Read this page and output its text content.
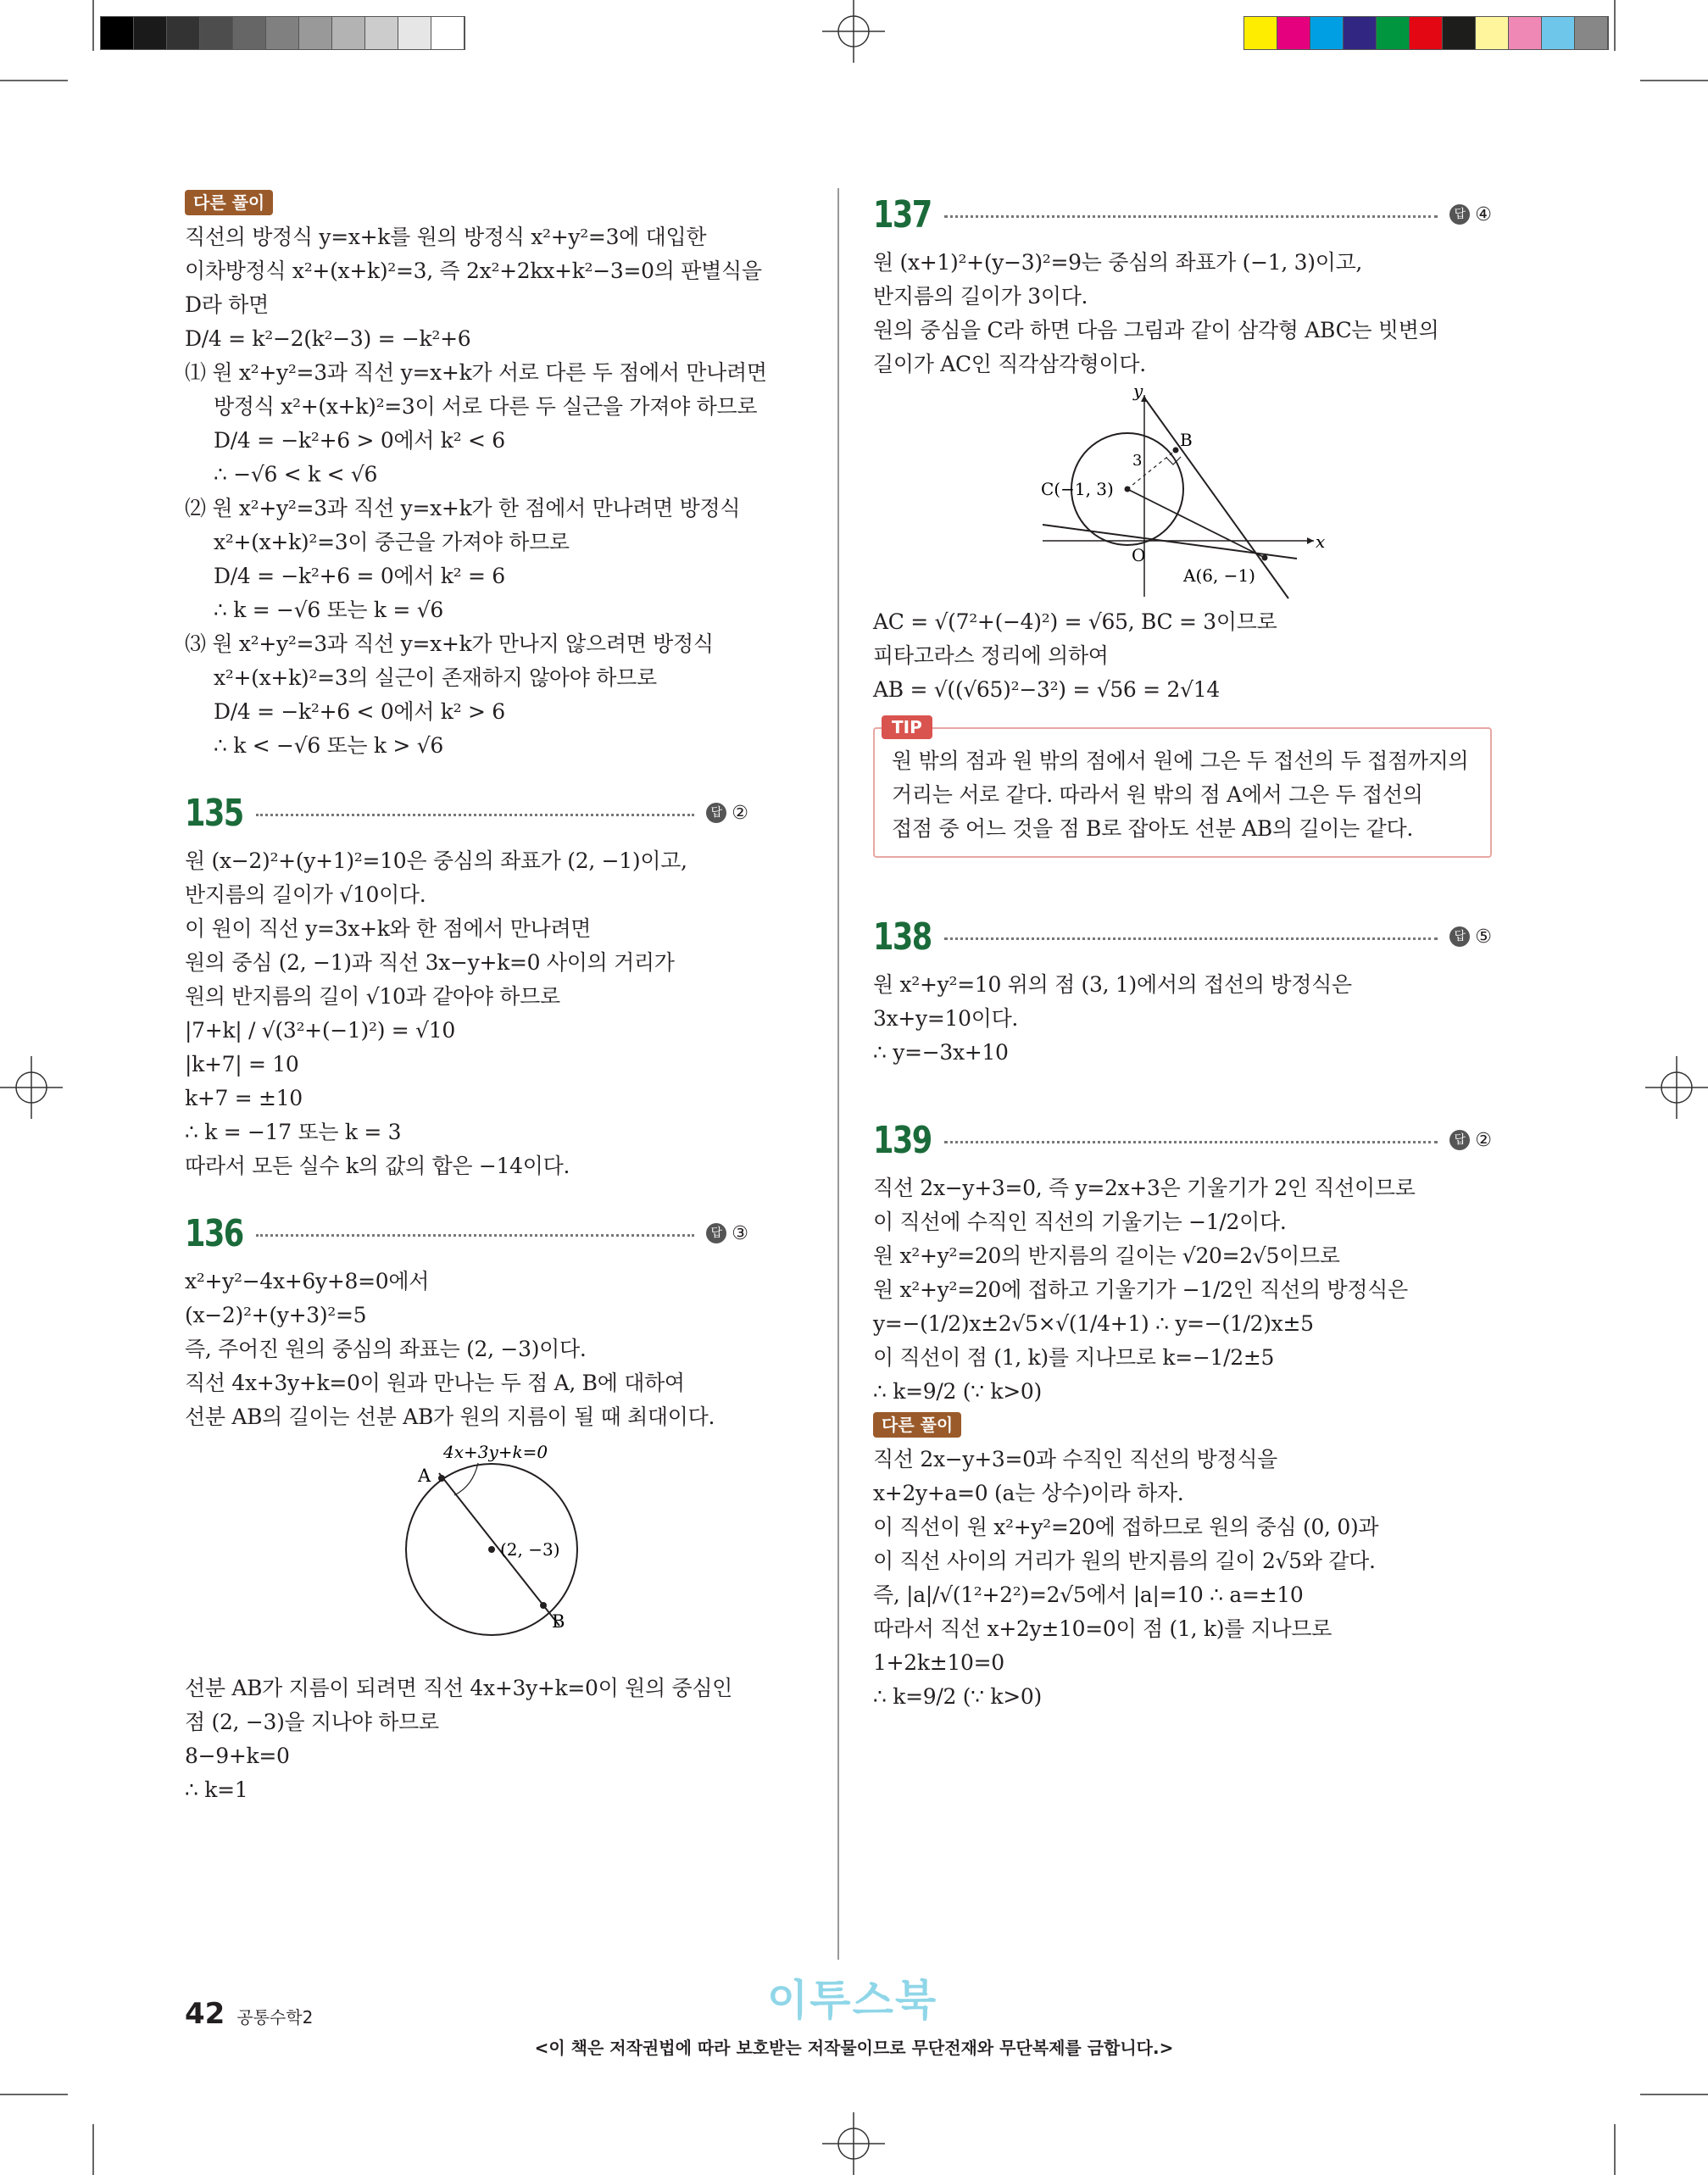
다른 풀이
직선의 방정식 y=x+k를 원의 방정식 x²+y²=3에 대입한
이차방정식 x²+(x+k)²=3, 즉 2x²+2kx+k²−3=0의 판별식을
D라 하면
D/4 = k²−2(k²−3) = −k²+6
⑴ 원 x²+y²=3과 직선 y=x+k가 서로 다른 두 점에서 만나려면
방정식 x²+(x+k)²=3이 서로 다른 두 실근을 가져야 하므로
D/4 = −k²+6 > 0에서 k² < 6
∴ −√6 < k < √6
⑵ 원 x²+y²=3과 직선 y=x+k가 한 점에서 만나려면 방정식
x²+(x+k)²=3이 중근을 가져야 하므로
D/4 = −k²+6 = 0에서 k² = 6
∴ k = −√6 또는 k = √6
⑶ 원 x²+y²=3과 직선 y=x+k가 만나지 않으려면 방정식
x²+(x+k)²=3의 실근이 존재하지 않아야 하므로
D/4 = −k²+6 < 0에서 k² > 6
∴ k < −√6 또는 k > √6
135	답 ②
원 (x−2)²+(y+1)²=10은 중심의 좌표가 (2, −1)이고,
반지름의 길이가 √10이다.
이 원이 직선 y=3x+k와 한 점에서 만나려면
원의 중심 (2, −1)과 직선 3x−y+k=0 사이의 거리가
원의 반지름의 길이 √10과 같아야 하므로
|7+k| / √(3²+(−1)²) = √10
|k+7| = 10
k+7 = ±10
∴ k = −17 또는 k = 3
따라서 모든 실수 k의 값의 합은 −14이다.
136	답 ③
x²+y²−4x+6y+8=0에서
(x−2)²+(y+3)²=5
즉, 주어진 원의 중심의 좌표는 (2, −3)이다.
직선 4x+3y+k=0이 원과 만나는 두 점 A, B에 대하여
선분 AB의 길이는 선분 AB가 원의 지름이 될 때 최대이다.
4x+3y+k=0
A
(2, −3)
B
선분 AB가 지름이 되려면 직선 4x+3y+k=0이 원의 중심인
점 (2, −3)을 지나야 하므로
8−9+k=0
∴ k=1
137	답 ④
원 (x+1)²+(y−3)²=9는 중심의 좌표가 (−1, 3)이고,
반지름의 길이가 3이다.
원의 중심을 C라 하면 다음 그림과 같이 삼각형 ABC는 빗변의
길이가 AC인 직각삼각형이다.
x
y
O
B
C(−1, 3)
A(6, −1)
3
AC = √(7²+(−4)²) = √65, BC = 3이므로
피타고라스 정리에 의하여
AB = √((√65)²−3²) = √56 = 2√14
TIP
원 밖의 점과 원 밖의 점에서 원에 그은 두 접선의 두 접점까지의
거리는 서로 같다. 따라서 원 밖의 점 A에서 그은 두 접선의
접점 중 어느 것을 점 B로 잡아도 선분 AB의 길이는 같다.
138	답 ⑤
원 x²+y²=10 위의 점 (3, 1)에서의 접선의 방정식은
3x+y=10이다.
∴ y=−3x+10
139	답 ②
직선 2x−y+3=0, 즉 y=2x+3은 기울기가 2인 직선이므로
이 직선에 수직인 직선의 기울기는 −1/2이다.
원 x²+y²=20의 반지름의 길이는 √20=2√5이므로
원 x²+y²=20에 접하고 기울기가 −1/2인 직선의 방정식은
y=−(1/2)x±2√5×√(1/4+1) ∴ y=−(1/2)x±5
이 직선이 점 (1, k)를 지나므로 k=−1/2±5
∴ k=9/2 (∵ k>0)
다른 풀이
직선 2x−y+3=0과 수직인 직선의 방정식을
x+2y+a=0 (a는 상수)이라 하자.
이 직선이 원 x²+y²=20에 접하므로 원의 중심 (0, 0)과
이 직선 사이의 거리가 원의 반지름의 길이 2√5와 같다.
즉, |a|/√(1²+2²)=2√5에서 |a|=10 ∴ a=±10
따라서 직선 x+2y±10=0이 점 (1, k)를 지나므로
1+2k±10=0
∴ k=9/2 (∵ k>0)
42 공통수학2	이투스북
<이 책은 저작권법에 따라 보호받는 저작물이므로 무단전재와 무단복제를 금합니다.>
